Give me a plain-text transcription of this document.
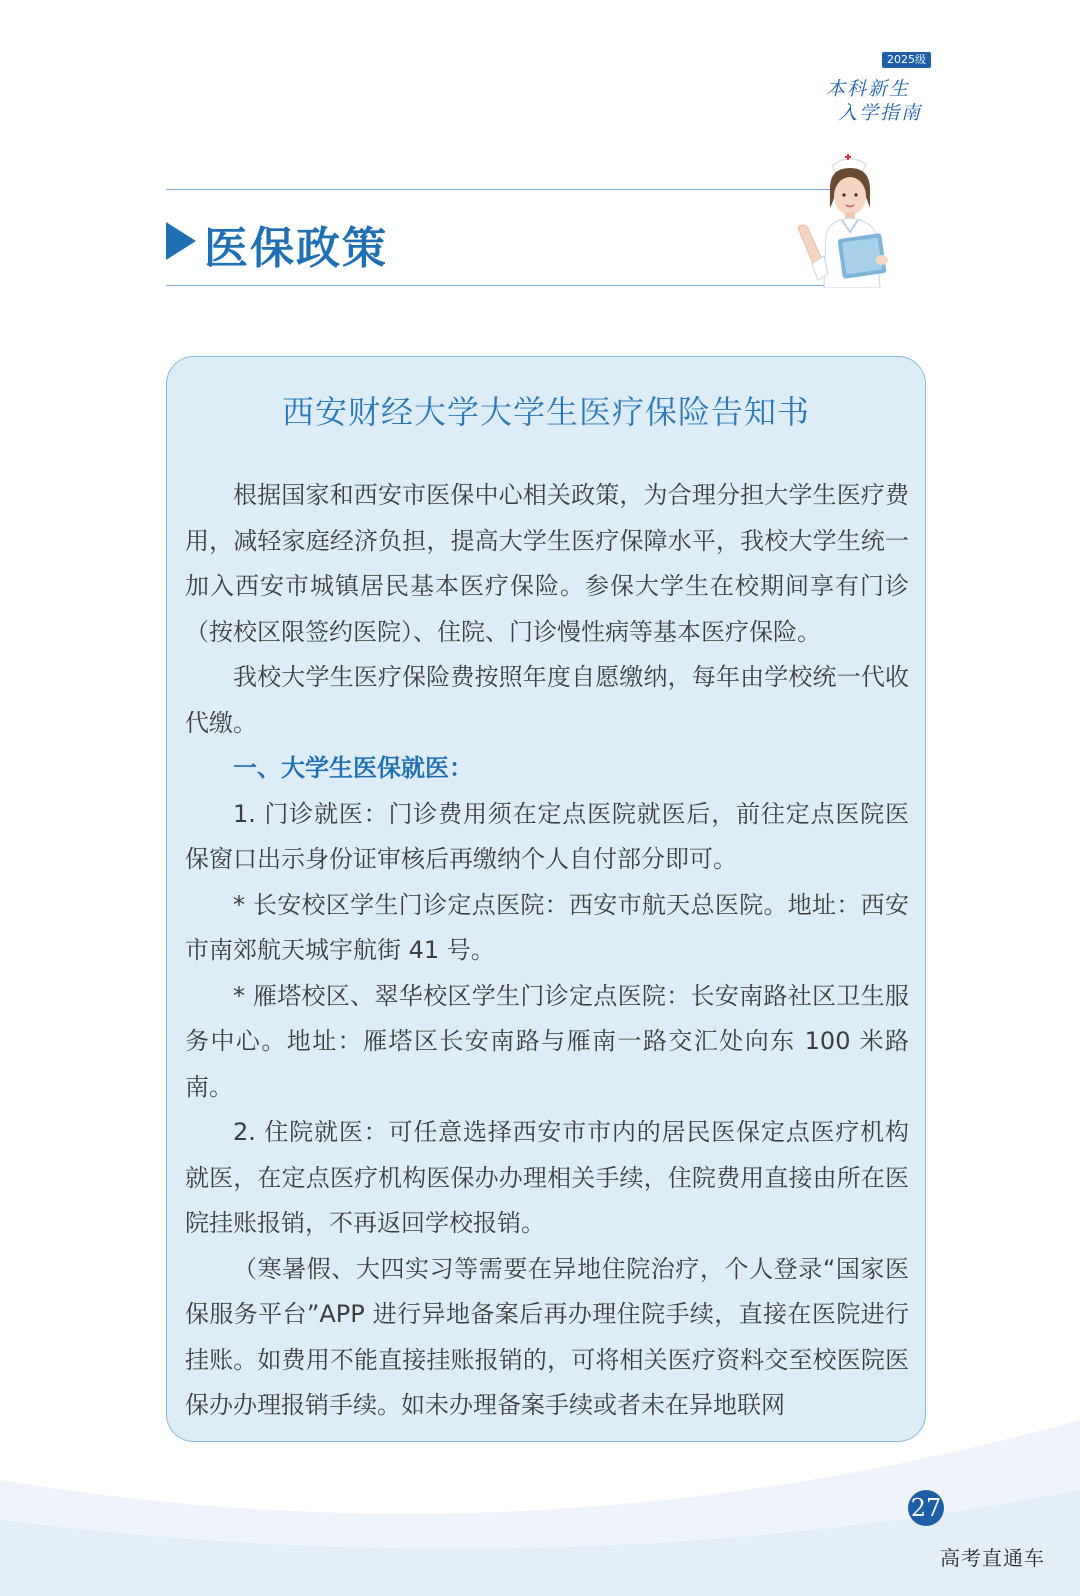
2025级
本科新生
入学指南
医保政策
西安财经大学大学生医疗保险告知书

根据国家和西安市医保中心相关政策，为合理分担大学生医疗费用，减轻家庭经济负担，提高大学生医疗保障水平，我校大学生统一加入西安市城镇居民基本医疗保险。参保大学生在校期间享有门诊（按校区限签约医院）、住院、门诊慢性病等基本医疗保险。

我校大学生医疗保险费按照年度自愿缴纳，每年由学校统一代收代缴。

一、大学生医保就医：

1. 门诊就医：门诊费用须在定点医院就医后，前往定点医院医保窗口出示身份证审核后再缴纳个人自付部分即可。

* 长安校区学生门诊定点医院：西安市航天总医院。地址：西安市南郊航天城宇航街 41 号。

* 雁塔校区、翠华校区学生门诊定点医院：长安南路社区卫生服务中心。地址：雁塔区长安南路与雁南一路交汇处向东 100 米路南。

2. 住院就医：可任意选择西安市市内的居民医保定点医疗机构就医，在定点医疗机构医保办办理相关手续，住院费用直接由所在医院挂账报销，不再返回学校报销。

（寒暑假、大四实习等需要在异地住院治疗，个人登录“国家医保服务平台”APP 进行异地备案后再办理住院手续，直接在医院进行挂账。如费用不能直接挂账报销的，可将相关医疗资料交至校医院医保办办理报销手续。如未办理备案手续或者未在异地联网

27
高考直通车
